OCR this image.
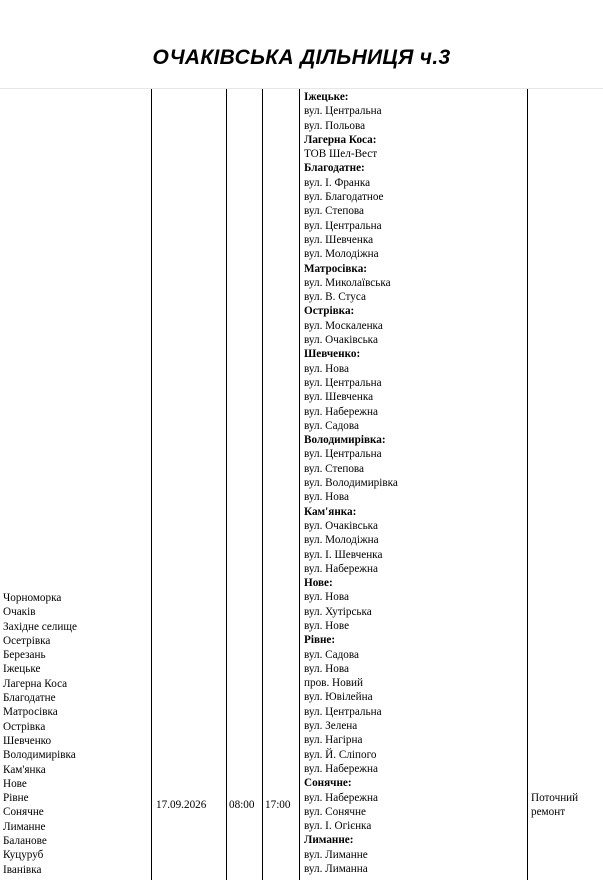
ОЧАКІВСЬКА ДІЛЬНИЦЯ ч.3
Чорноморка
Очаків
Західне селище
Осетрівка
Березань
Іжецьке
Лагерна Коса
Благодатне
Матросівка
Острівка
Шевченко
Володимирівка
Кам'янка
Нове
Рівне
Сонячне
Лиманне
Баланове
Куцуруб
Іванівка
17.09.2026 08:00 17:00
Іжецьке:
вул. Центральна
вул. Польова
Лагерна Коса:
ТОВ Шел-Вест
Благодатне:
вул. І. Франка
вул. Благодатное
вул. Степова
вул. Центральна
вул. Шевченка
вул. Молодіжна
Матросівка:
вул. Миколаївська
вул. В. Стуса
Острівка:
вул. Москаленка
вул. Очаківська
Шевченко:
вул. Нова
вул. Центральна
вул. Шевченка
вул. Набережна
вул. Садова
Володимирівка:
вул. Центральна
вул. Степова
вул. Володимирівка
вул. Нова
Кам'янка:
вул. Очаківська
вул. Молодіжна
вул. І. Шевченка
вул. Набережна
Нове:
вул. Нова
вул. Хутірська
вул. Нове
Рівне:
вул. Садова
вул. Нова
пров. Новий
вул. Ювілейна
вул. Центральна
вул. Зелена
вул. Нагірна
вул. Й. Сліпого
вул. Набережна
Сонячне:
вул. Набережна
вул. Сонячне
вул. І. Огієнка
Лиманне:
вул. Лиманне
вул. Лиманна
Поточний
ремонт
